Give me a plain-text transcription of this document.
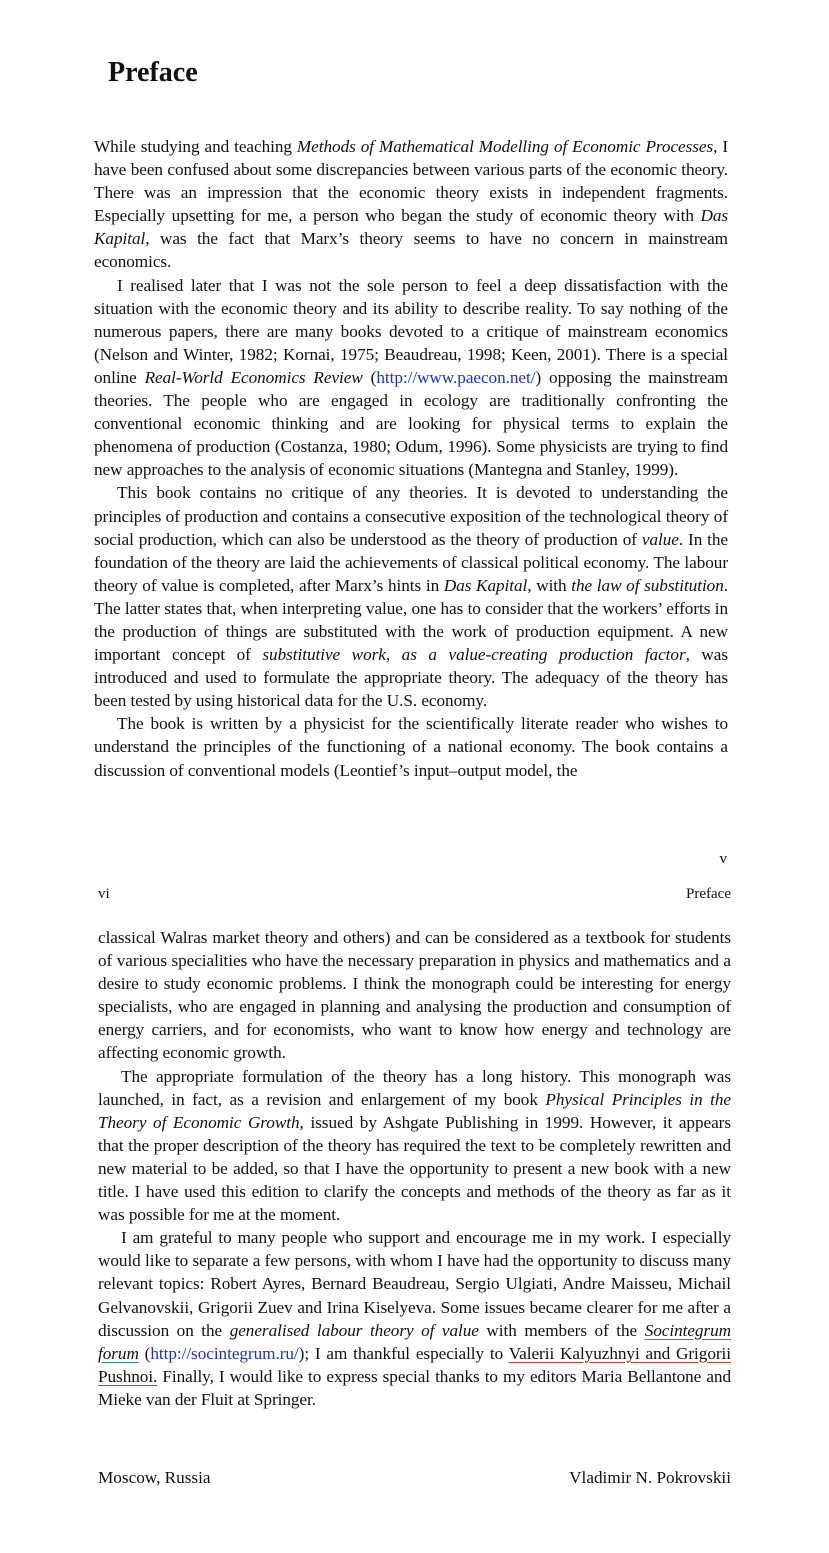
Preface

While studying and teaching Methods of Mathematical Modelling of Economic Processes, I have been confused about some discrepancies between various parts of the economic theory. There was an impression that the economic theory exists in independent fragments. Especially upsetting for me, a person who began the study of economic theory with Das Kapital, was the fact that Marx’s theory seems to have no concern in mainstream economics.

I realised later that I was not the sole person to feel a deep dissatisfaction with the situation with the economic theory and its ability to describe reality. To say nothing of the numerous papers, there are many books devoted to a critique of mainstream economics (Nelson and Winter, 1982; Kornai, 1975; Beaudreau, 1998; Keen, 2001). There is a special online Real-World Economics Review (http://www.paecon.net/) opposing the mainstream theories. The people who are engaged in ecology are traditionally confronting the conventional economic thinking and are looking for physical terms to explain the phenomena of production (Costanza, 1980; Odum, 1996). Some physicists are trying to find new approaches to the analysis of economic situations (Mantegna and Stanley, 1999).

This book contains no critique of any theories. It is devoted to understanding the principles of production and contains a consecutive exposition of the technological theory of social production, which can also be understood as the theory of production of value. In the foundation of the theory are laid the achievements of classical political economy. The labour theory of value is completed, after Marx’s hints in Das Kapital, with the law of substitution. The latter states that, when interpreting value, one has to consider that the workers’ efforts in the production of things are substituted with the work of production equipment. A new important concept of substitutive work, as a value-creating production factor, was introduced and used to formulate the appropriate theory. The adequacy of the theory has been tested by using historical data for the U.S. economy.

The book is written by a physicist for the scientifically literate reader who wishes to understand the principles of the functioning of a national economy. The book contains a discussion of conventional models (Leontief’s input–output model, the

v
vi	Preface

classical Walras market theory and others) and can be considered as a textbook for students of various specialities who have the necessary preparation in physics and mathematics and a desire to study economic problems. I think the monograph could be interesting for energy specialists, who are engaged in planning and analysing the production and consumption of energy carriers, and for economists, who want to know how energy and technology are affecting economic growth.

The appropriate formulation of the theory has a long history. This monograph was launched, in fact, as a revision and enlargement of my book Physical Principles in the Theory of Economic Growth, issued by Ashgate Publishing in 1999. However, it appears that the proper description of the theory has required the text to be completely rewritten and new material to be added, so that I have the opportunity to present a new book with a new title. I have used this edition to clarify the concepts and methods of the theory as far as it was possible for me at the moment.

I am grateful to many people who support and encourage me in my work. I especially would like to separate a few persons, with whom I have had the opportunity to discuss many relevant topics: Robert Ayres, Bernard Beaudreau, Sergio Ulgiati, Andre Maisseu, Michail Gelvanovskii, Grigorii Zuev and Irina Kiselyeva. Some issues became clearer for me after a discussion on the generalised labour theory of value with members of the Socintegrum forum (http://socintegrum.ru/); I am thankful especially to Valerii Kalyuzhnyi and Grigorii Pushnoi. Finally, I would like to express special thanks to my editors Maria Bellantone and Mieke van der Fluit at Springer.

Moscow, Russia	Vladimir N. Pokrovskii
